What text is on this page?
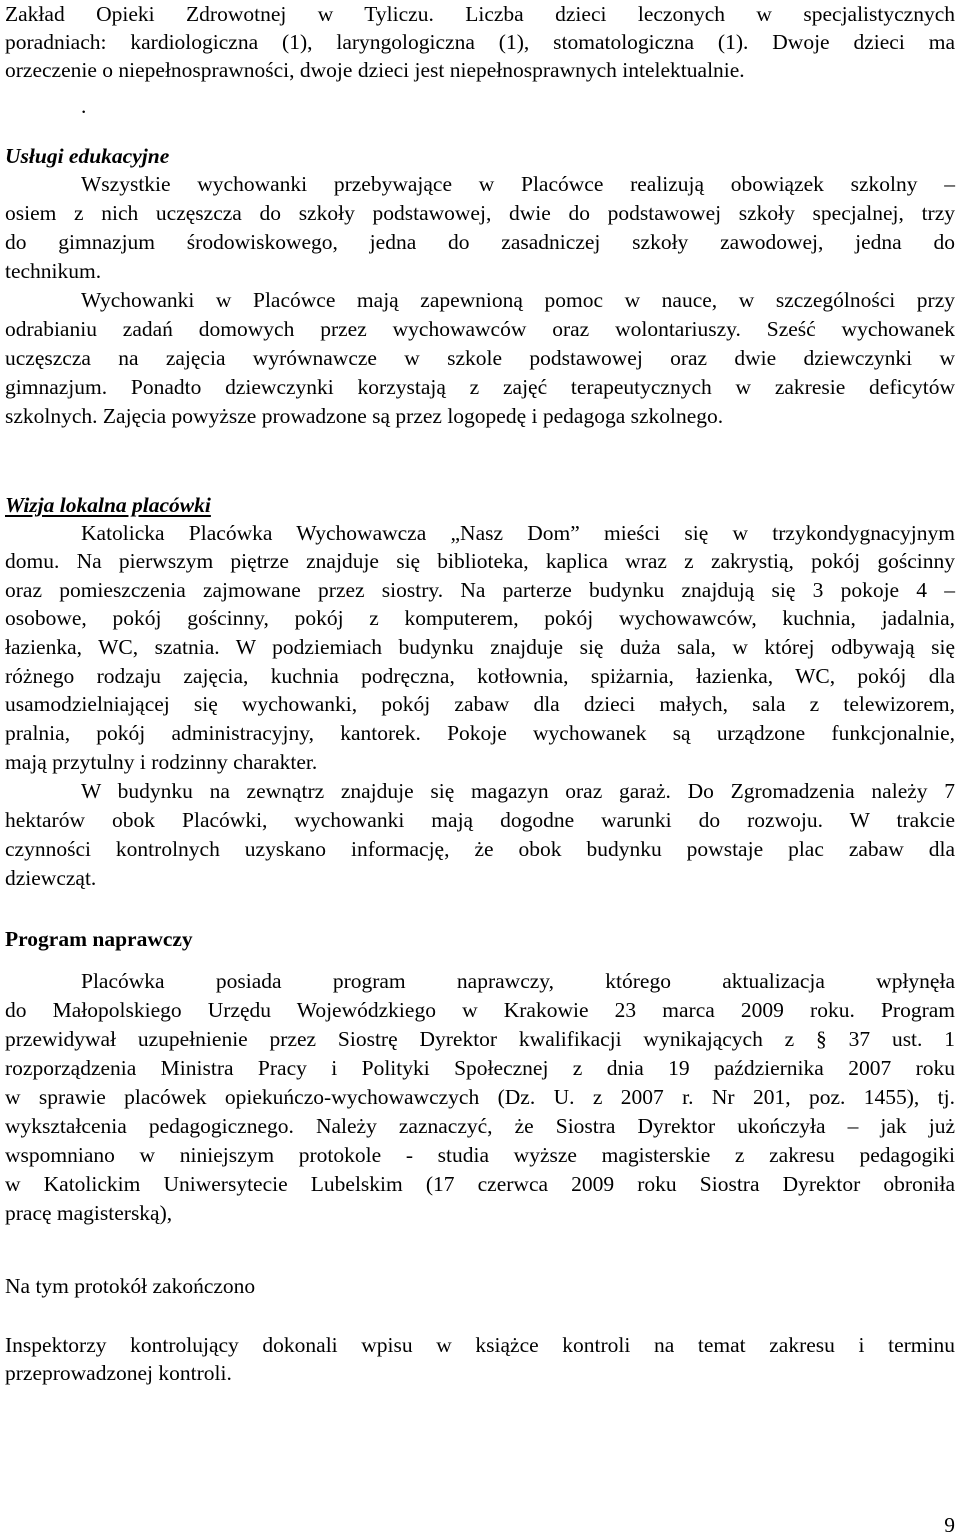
Zakład Opieki Zdrowotnej w Tyliczu. Liczba dzieci leczonych w specjalistycznych
poradniach: kardiologiczna (1), laryngologiczna (1), stomatologiczna (1). Dwoje dzieci ma
orzeczenie o niepełnosprawności, dwoje dzieci jest niepełnosprawnych intelektualnie.
.
Usługi edukacyjne
Wszystkie wychowanki przebywające w Placówce realizują obowiązek szkolny –
osiem z nich uczęszcza do szkoły podstawowej, dwie do podstawowej szkoły specjalnej, trzy
do gimnazjum środowiskowego, jedna do zasadniczej szkoły zawodowej, jedna do
technikum.
Wychowanki w Placówce mają zapewnioną pomoc w nauce, w szczególności przy
odrabianiu zadań domowych przez wychowawców oraz wolontariuszy. Sześć wychowanek
uczęszcza na zajęcia wyrównawcze w szkole podstawowej oraz dwie dziewczynki w
gimnazjum. Ponadto dziewczynki korzystają z zajęć terapeutycznych w zakresie deficytów
szkolnych. Zajęcia powyższe prowadzone są przez logopedę i pedagoga szkolnego.
Wizja lokalna placówki
Katolicka Placówka Wychowawcza „Nasz Dom” mieści się w trzykondygnacyjnym
domu. Na pierwszym piętrze znajduje się biblioteka, kaplica wraz z zakrystią, pokój gościnny
oraz pomieszczenia zajmowane przez siostry. Na parterze budynku znajdują się 3 pokoje 4 –
osobowe, pokój gościnny, pokój z komputerem, pokój wychowawców, kuchnia, jadalnia,
łazienka, WC, szatnia. W podziemiach budynku znajduje się duża sala, w której odbywają się
różnego rodzaju zajęcia, kuchnia podręczna, kotłownia, spiżarnia, łazienka, WC, pokój dla
usamodzielniającej się wychowanki, pokój zabaw dla dzieci małych, sala z telewizorem,
pralnia, pokój administracyjny, kantorek. Pokoje wychowanek są urządzone funkcjonalnie,
mają przytulny i rodzinny charakter.
W budynku na zewnątrz znajduje się magazyn oraz garaż. Do Zgromadzenia należy 7
hektarów obok Placówki, wychowanki mają dogodne warunki do rozwoju. W trakcie
czynności kontrolnych uzyskano informację, że obok budynku powstaje plac zabaw dla
dziewcząt.
Program naprawczy
Placówka posiada program naprawczy, którego aktualizacja wpłynęła
do Małopolskiego Urzędu Wojewódzkiego w Krakowie 23 marca 2009 roku. Program
przewidywał uzupełnienie przez Siostrę Dyrektor kwalifikacji wynikających z § 37 ust. 1
rozporządzenia Ministra Pracy i Polityki Społecznej z dnia 19 października 2007 roku
w sprawie placówek opiekuńczo-wychowawczych (Dz. U. z 2007 r. Nr 201, poz. 1455), tj.
wykształcenia pedagogicznego. Należy zaznaczyć, że Siostra Dyrektor ukończyła – jak już
wspomniano w niniejszym protokole - studia wyższe magisterskie z zakresu pedagogiki
w Katolickim Uniwersytecie Lubelskim (17 czerwca 2009 roku Siostra Dyrektor obroniła
pracę magisterską),
Na tym protokół zakończono
Inspektorzy kontrolujący dokonali wpisu w książce kontroli na temat zakresu i terminu
przeprowadzonej kontroli.
9
